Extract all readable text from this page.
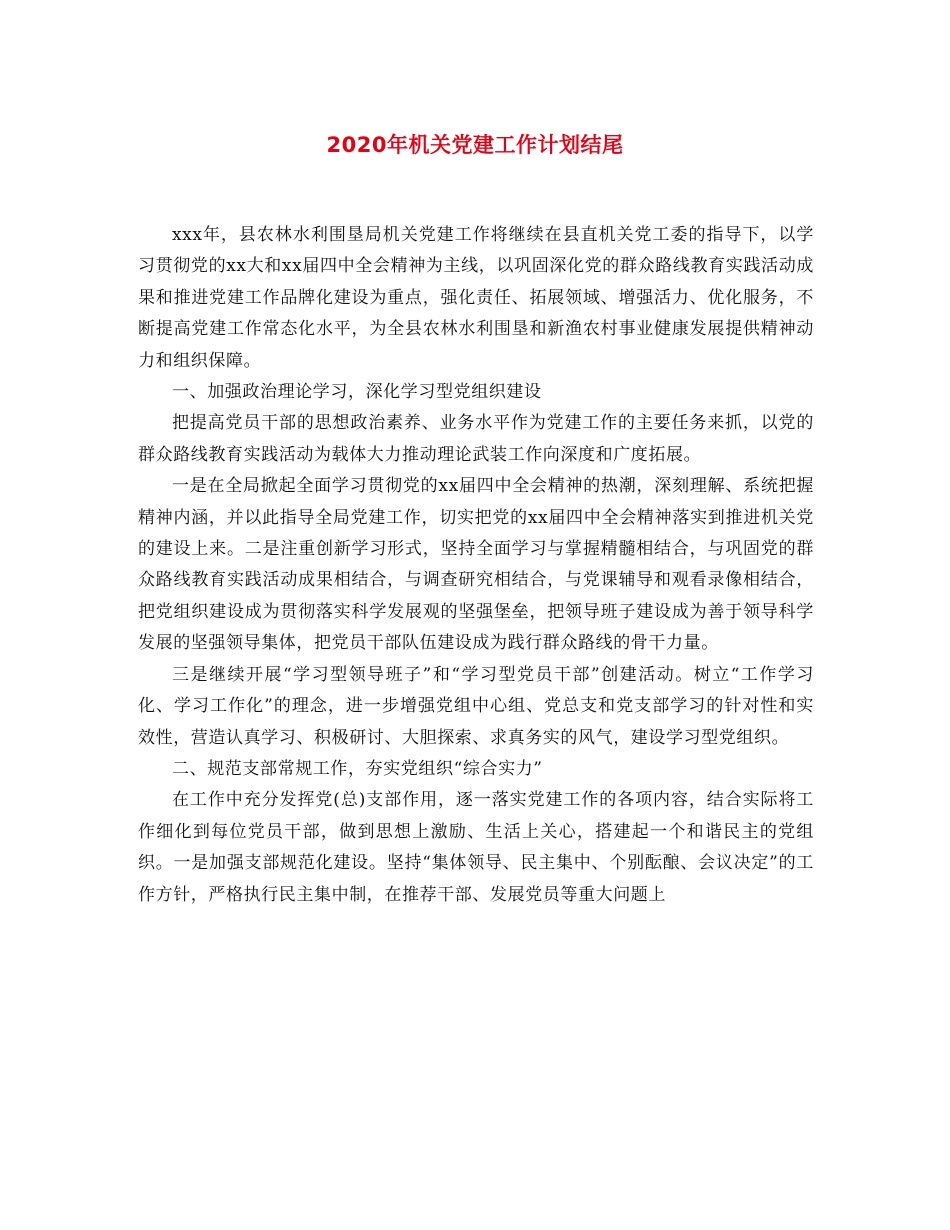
2020年机关党建工作计划结尾

xxx年，县农林水利围垦局机关党建工作将继续在县直机关党工委的指导下，以学习贯彻党的xx大和xx届四中全会精神为主线，以巩固深化党的群众路线教育实践活动成果和推进党建工作品牌化建设为重点，强化责任、拓展领域、增强活力、优化服务，不断提高党建工作常态化水平，为全县农林水利围垦和新渔农村事业健康发展提供精神动力和组织保障。

一、加强政治理论学习，深化学习型党组织建设

把提高党员干部的思想政治素养、业务水平作为党建工作的主要任务来抓，以党的群众路线教育实践活动为载体大力推动理论武装工作向深度和广度拓展。

一是在全局掀起全面学习贯彻党的xx届四中全会精神的热潮，深刻理解、系统把握精神内涵，并以此指导全局党建工作，切实把党的xx届四中全会精神落实到推进机关党的建设上来。二是注重创新学习形式，坚持全面学习与掌握精髓相结合，与巩固党的群众路线教育实践活动成果相结合，与调查研究相结合，与党课辅导和观看录像相结合，把党组织建设成为贯彻落实科学发展观的坚强堡垒，把领导班子建设成为善于领导科学发展的坚强领导集体，把党员干部队伍建设成为践行群众路线的骨干力量。

三是继续开展“学习型领导班子”和“学习型党员干部”创建活动。树立“工作学习化、学习工作化”的理念，进一步增强党组中心组、党总支和党支部学习的针对性和实效性，营造认真学习、积极研讨、大胆探索、求真务实的风气，建设学习型党组织。

二、规范支部常规工作，夯实党组织“综合实力”

在工作中充分发挥党(总)支部作用，逐一落实党建工作的各项内容，结合实际将工作细化到每位党员干部，做到思想上激励、生活上关心，搭建起一个和谐民主的党组织。一是加强支部规范化建设。坚持“集体领导、民主集中、个别酝酿、会议决定”的工作方针，严格执行民主集中制，在推荐干部、发展党员等重大问题上
